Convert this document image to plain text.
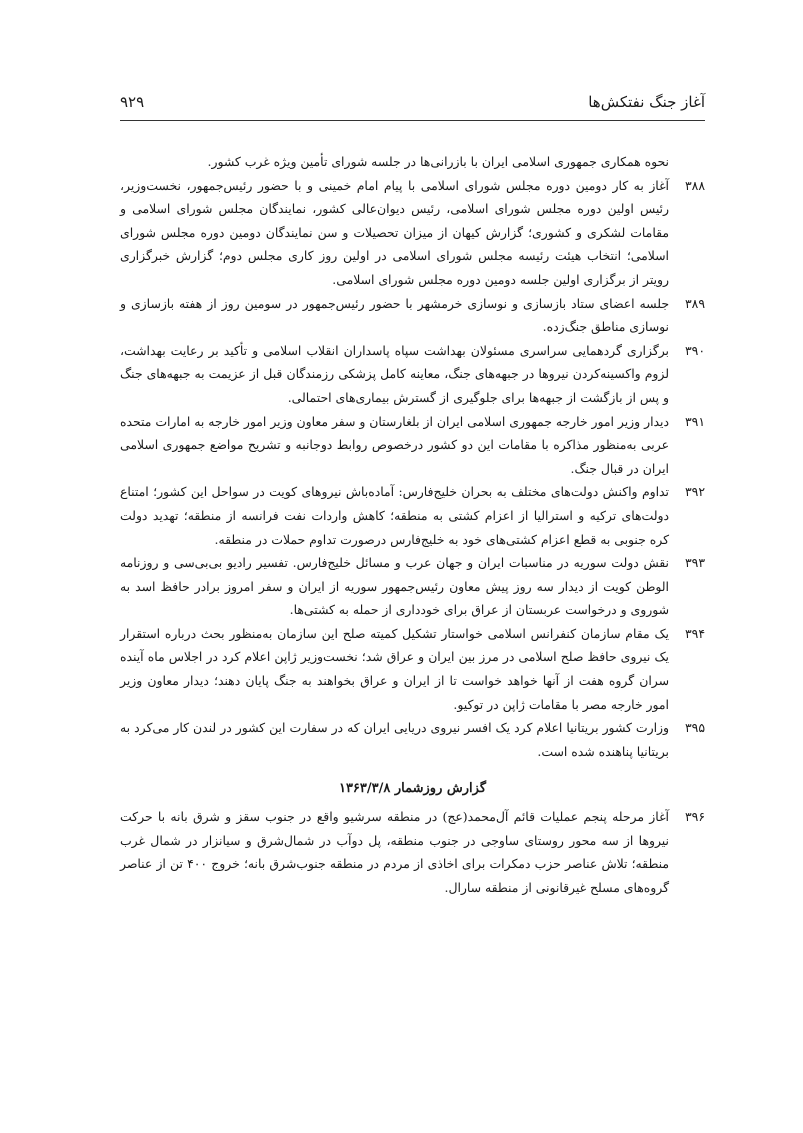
آغاز جنگ نفتکش‌ها
۹۲۹

نحوه همکاری جمهوری اسلامی ایران با بازرانی‌ها در جلسه شورای تأمین ویژه غرب کشور.

۳۸۸

آغاز به کار دومین دوره مجلس شورای اسلامی با پیام امام خمینی و با حضور رئیس‌جمهور، نخست‌وزیر، رئیس اولین دوره مجلس شورای اسلامی، رئیس دیوان‌عالی کشور، نمایندگان مجلس شورای اسلامی و مقامات لشکری و کشوری؛ گزارش کیهان از میزان تحصیلات و سن نمایندگان دومین دوره مجلس شورای اسلامی؛ انتخاب هیئت رئیسه مجلس شورای اسلامی در اولین روز کاری مجلس دوم؛ گزارش خبرگزاری رویتر از برگزاری اولین جلسه دومین دوره مجلس شورای اسلامی.

۳۸۹

جلسه اعضای ستاد بازسازی و نوسازی خرمشهر با حضور رئیس‌جمهور در سومین روز از هفته بازسازی و نوسازی مناطق جنگ‌زده.

۳۹۰

برگزاری گردهمایی سراسری مسئولان بهداشت سپاه پاسداران انقلاب اسلامی و تأکید بر رعایت بهداشت، لزوم واکسینه‌کردن نیروها در جبهه‌های جنگ، معاینه کامل پزشکی رزمندگان قبل از عزیمت به جبهه‌های جنگ و پس از بازگشت از جبهه‌ها برای جلوگیری از گسترش بیماری‌های احتمالی.

۳۹۱

دیدار وزیر امور خارجه جمهوری اسلامی ایران از بلغارستان و سفر معاون وزیر امور خارجه به امارات متحده عربی به‌منظور مذاکره با مقامات این دو کشور درخصوص روابط دوجانبه و تشریح مواضع جمهوری اسلامی ایران در قبال جنگ.

۳۹۲

تداوم واکنش دولت‌های مختلف به بحران خلیج‌فارس: آماده‌باش نیروهای کویت در سواحل این کشور؛ امتناع دولت‌های ترکیه و استرالیا از اعزام کشتی به منطقه؛ کاهش واردات نفت فرانسه از منطقه؛ تهدید دولت کره جنوبی به قطع اعزام کشتی‌های خود به خلیج‌فارس درصورت تداوم حملات در منطقه.

۳۹۳

نقش دولت سوریه در مناسبات ایران و جهان عرب و مسائل خلیج‌فارس. تفسیر رادیو بی‌بی‌سی و روزنامه الوطن کویت از دیدار سه روز پیش معاون رئیس‌جمهور سوریه از ایران و سفر امروز برادر حافظ اسد به شوروی و درخواست عربستان از عراق برای خودداری از حمله به کشتی‌ها.

۳۹۴

یک مقام سازمان کنفرانس اسلامی خواستار تشکیل کمیته صلح این سازمان به‌منظور بحث درباره استقرار یک نیروی حافظ صلح اسلامی در مرز بین ایران و عراق شد؛ نخست‌وزیر ژاپن اعلام کرد در اجلاس ماه آینده سران گروه هفت از آنها خواهد خواست تا از ایران و عراق بخواهند به جنگ پایان دهند؛ دیدار معاون وزیر امور خارجه مصر با مقامات ژاپن در توکیو.

۳۹۵

وزارت کشور بریتانیا اعلام کرد یک افسر نیروی دریایی ایران که در سفارت این کشور در لندن کار می‌کرد به بریتانیا پناهنده شده است.

گزارش روزشمار ۱۳۶۳/۳/۸
۳۹۶

آغاز مرحله پنجم عملیات قائم آل‌محمد(عج) در منطقه سرشیو واقع در جنوب سقز و شرق بانه با حرکت نیروها از سه محور روستای ساوجی در جنوب منطقه، پل دوآب در شمال‌شرق و سیانزار در شمال غرب منطقه؛ تلاش عناصر حزب دمکرات برای اخاذی از مردم در منطقه جنوب‌شرق بانه؛ خروج ۴۰۰ تن از عناصر گروه‌های مسلح غیرقانونی از منطقه سارال.
